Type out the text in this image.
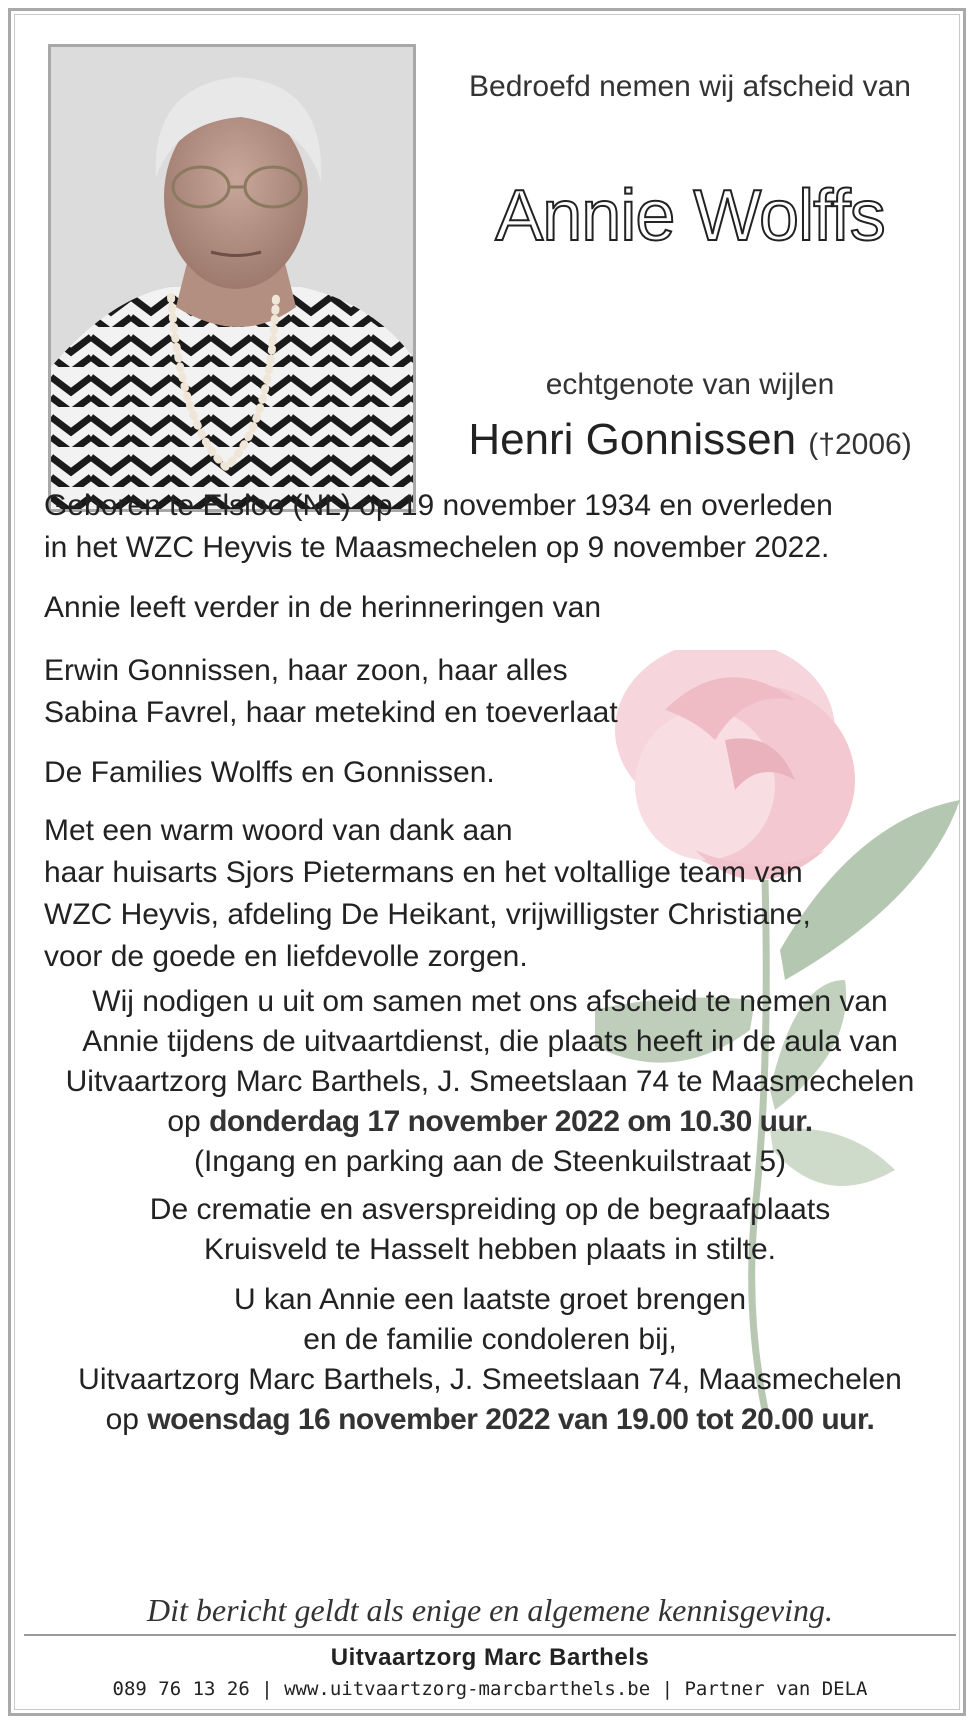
Bedroefd nemen wij afscheid van

Annie Wolffs

echtgenote van wijlen

Henri Gonnissen (†2006)

Geboren te Elsloo (NL) op 19 november 1934 en overleden
in het WZC Heyvis te Maasmechelen op 9 november 2022.
Annie leeft verder in de herinneringen van
Erwin Gonnissen, haar zoon, haar alles
Sabina Favrel, haar metekind en toeverlaat
De Families Wolffs en Gonnissen.
Met een warm woord van dank aan
haar huisarts Sjors Pietermans en het voltallige team van
WZC Heyvis, afdeling De Heikant, vrijwilligster Christiane,
voor de goede en liefdevolle zorgen.
Wij nodigen u uit om samen met ons afscheid te nemen van
Annie tijdens de uitvaartdienst, die plaats heeft in de aula van
Uitvaartzorg Marc Barthels, J. Smeetslaan 74 te Maasmechelen
op donderdag 17 november 2022 om 10.30 uur.
(Ingang en parking aan de Steenkuilstraat 5)
De crematie en asverspreiding op de begraafplaats
Kruisveld te Hasselt hebben plaats in stilte.
U kan Annie een laatste groet brengen
en de familie condoleren bij,
Uitvaartzorg Marc Barthels, J. Smeetslaan 74, Maasmechelen
op woensdag 16 november 2022 van 19.00 tot 20.00 uur.

Dit bericht geldt als enige en algemene kennisgeving.

Uitvaartzorg Marc Barthels

089 76 13 26 | www.uitvaartzorg-marcbarthels.be | Partner van DELA
